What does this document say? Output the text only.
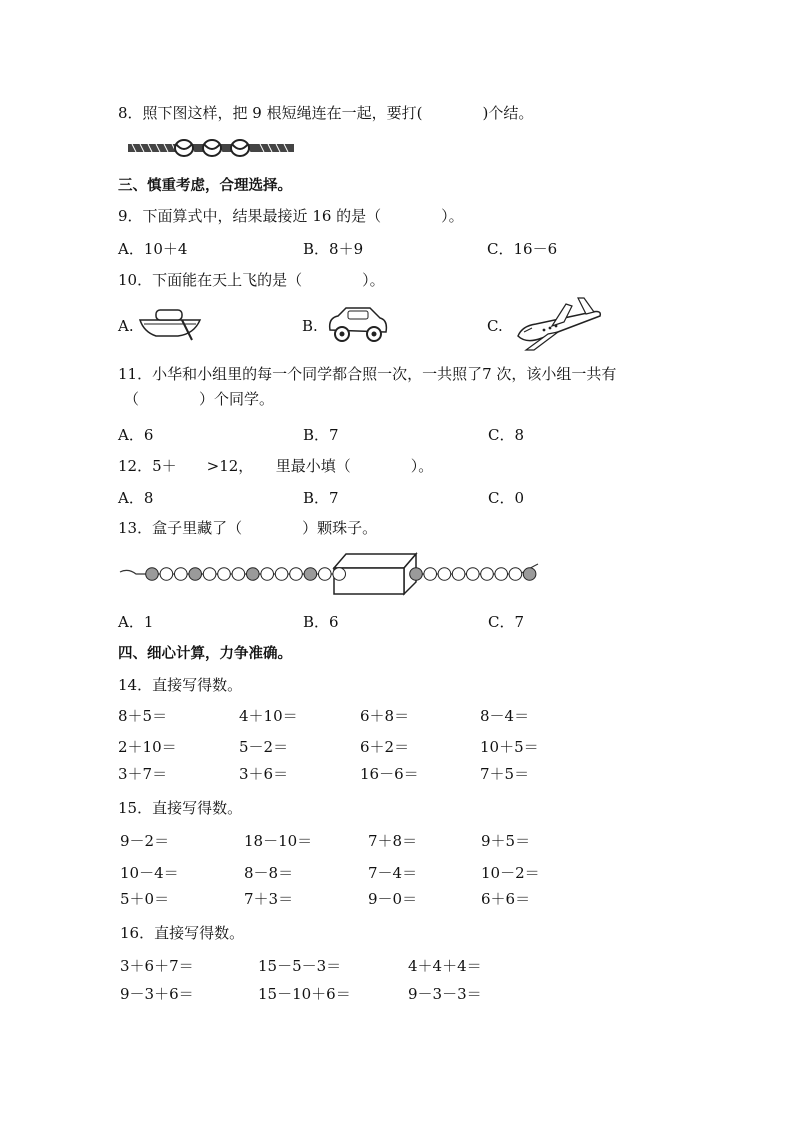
8．照下图这样，把 9 根短绳连在一起，要打(　　　　)个结。
三、慎重考虑，合理选择。
9．下面算式中，结果最接近 16 的是（　　　　）。
A．10＋4	B．8＋9	C．16－6
10．下面能在天上飞的是（　　　　）。
A.	B.	C.
11．小华和小组里的每一个同学都合照一次，一共照了7 次，该小组一共有
（　　　　）个同学。
A．6	B．7	C．8
12．5＋　　>12，　　里最小填（　　　　）。
A．8	B．7	C．0
13．盒子里藏了（　　　　）颗珠子。
A．1	B．6	C．7
四、细心计算，力争准确。
14．直接写得数。
8＋5＝	4＋10＝	6＋8＝	8－4＝
2＋10＝	5－2＝	6＋2＝	10＋5＝
3＋7＝	3＋6＝	16－6＝	7＋5＝
15．直接写得数。
9－2＝	18－10＝	7＋8＝	9＋5＝
10－4＝	8－8＝	7－4＝	10－2＝
5＋0＝	7＋3＝	9－0＝	6＋6＝
16．直接写得数。
3＋6＋7＝	15－5－3＝	4＋4＋4＝
9－3＋6＝	15－10＋6＝	9－3－3＝
